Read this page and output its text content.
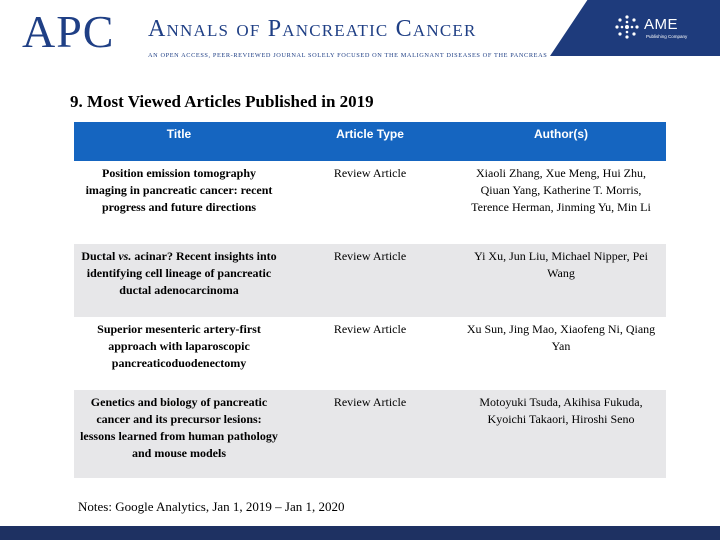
APC Annals of Pancreatic Cancer
AN OPEN ACCESS, PEER-REVIEWED JOURNAL SOLELY FOCUSED ON THE MALIGNANT DISEASES OF THE PANCREAS
AME
Publishing Company
9. Most Viewed Articles Published in 2019
Title	Article Type	Author(s)
Position emission tomography imaging in pancreatic cancer: recent progress and future directions	Review Article	Xiaoli Zhang, Xue Meng, Hui Zhu, Qiuan Yang, Katherine T. Morris, Terence Herman, Jinming Yu, Min Li
Ductal vs. acinar? Recent insights into identifying cell lineage of pancreatic ductal adenocarcinoma	Review Article	Yi Xu, Jun Liu, Michael Nipper, Pei Wang
Superior mesenteric artery-first approach with laparoscopic pancreaticoduodenectomy	Review Article	Xu Sun, Jing Mao, Xiaofeng Ni, Qiang Yan
Genetics and biology of pancreatic cancer and its precursor lesions: lessons learned from human pathology and mouse models	Review Article	Motoyuki Tsuda, Akihisa Fukuda, Kyoichi Takaori, Hiroshi Seno
Notes: Google Analytics, Jan 1, 2019 – Jan 1, 2020
